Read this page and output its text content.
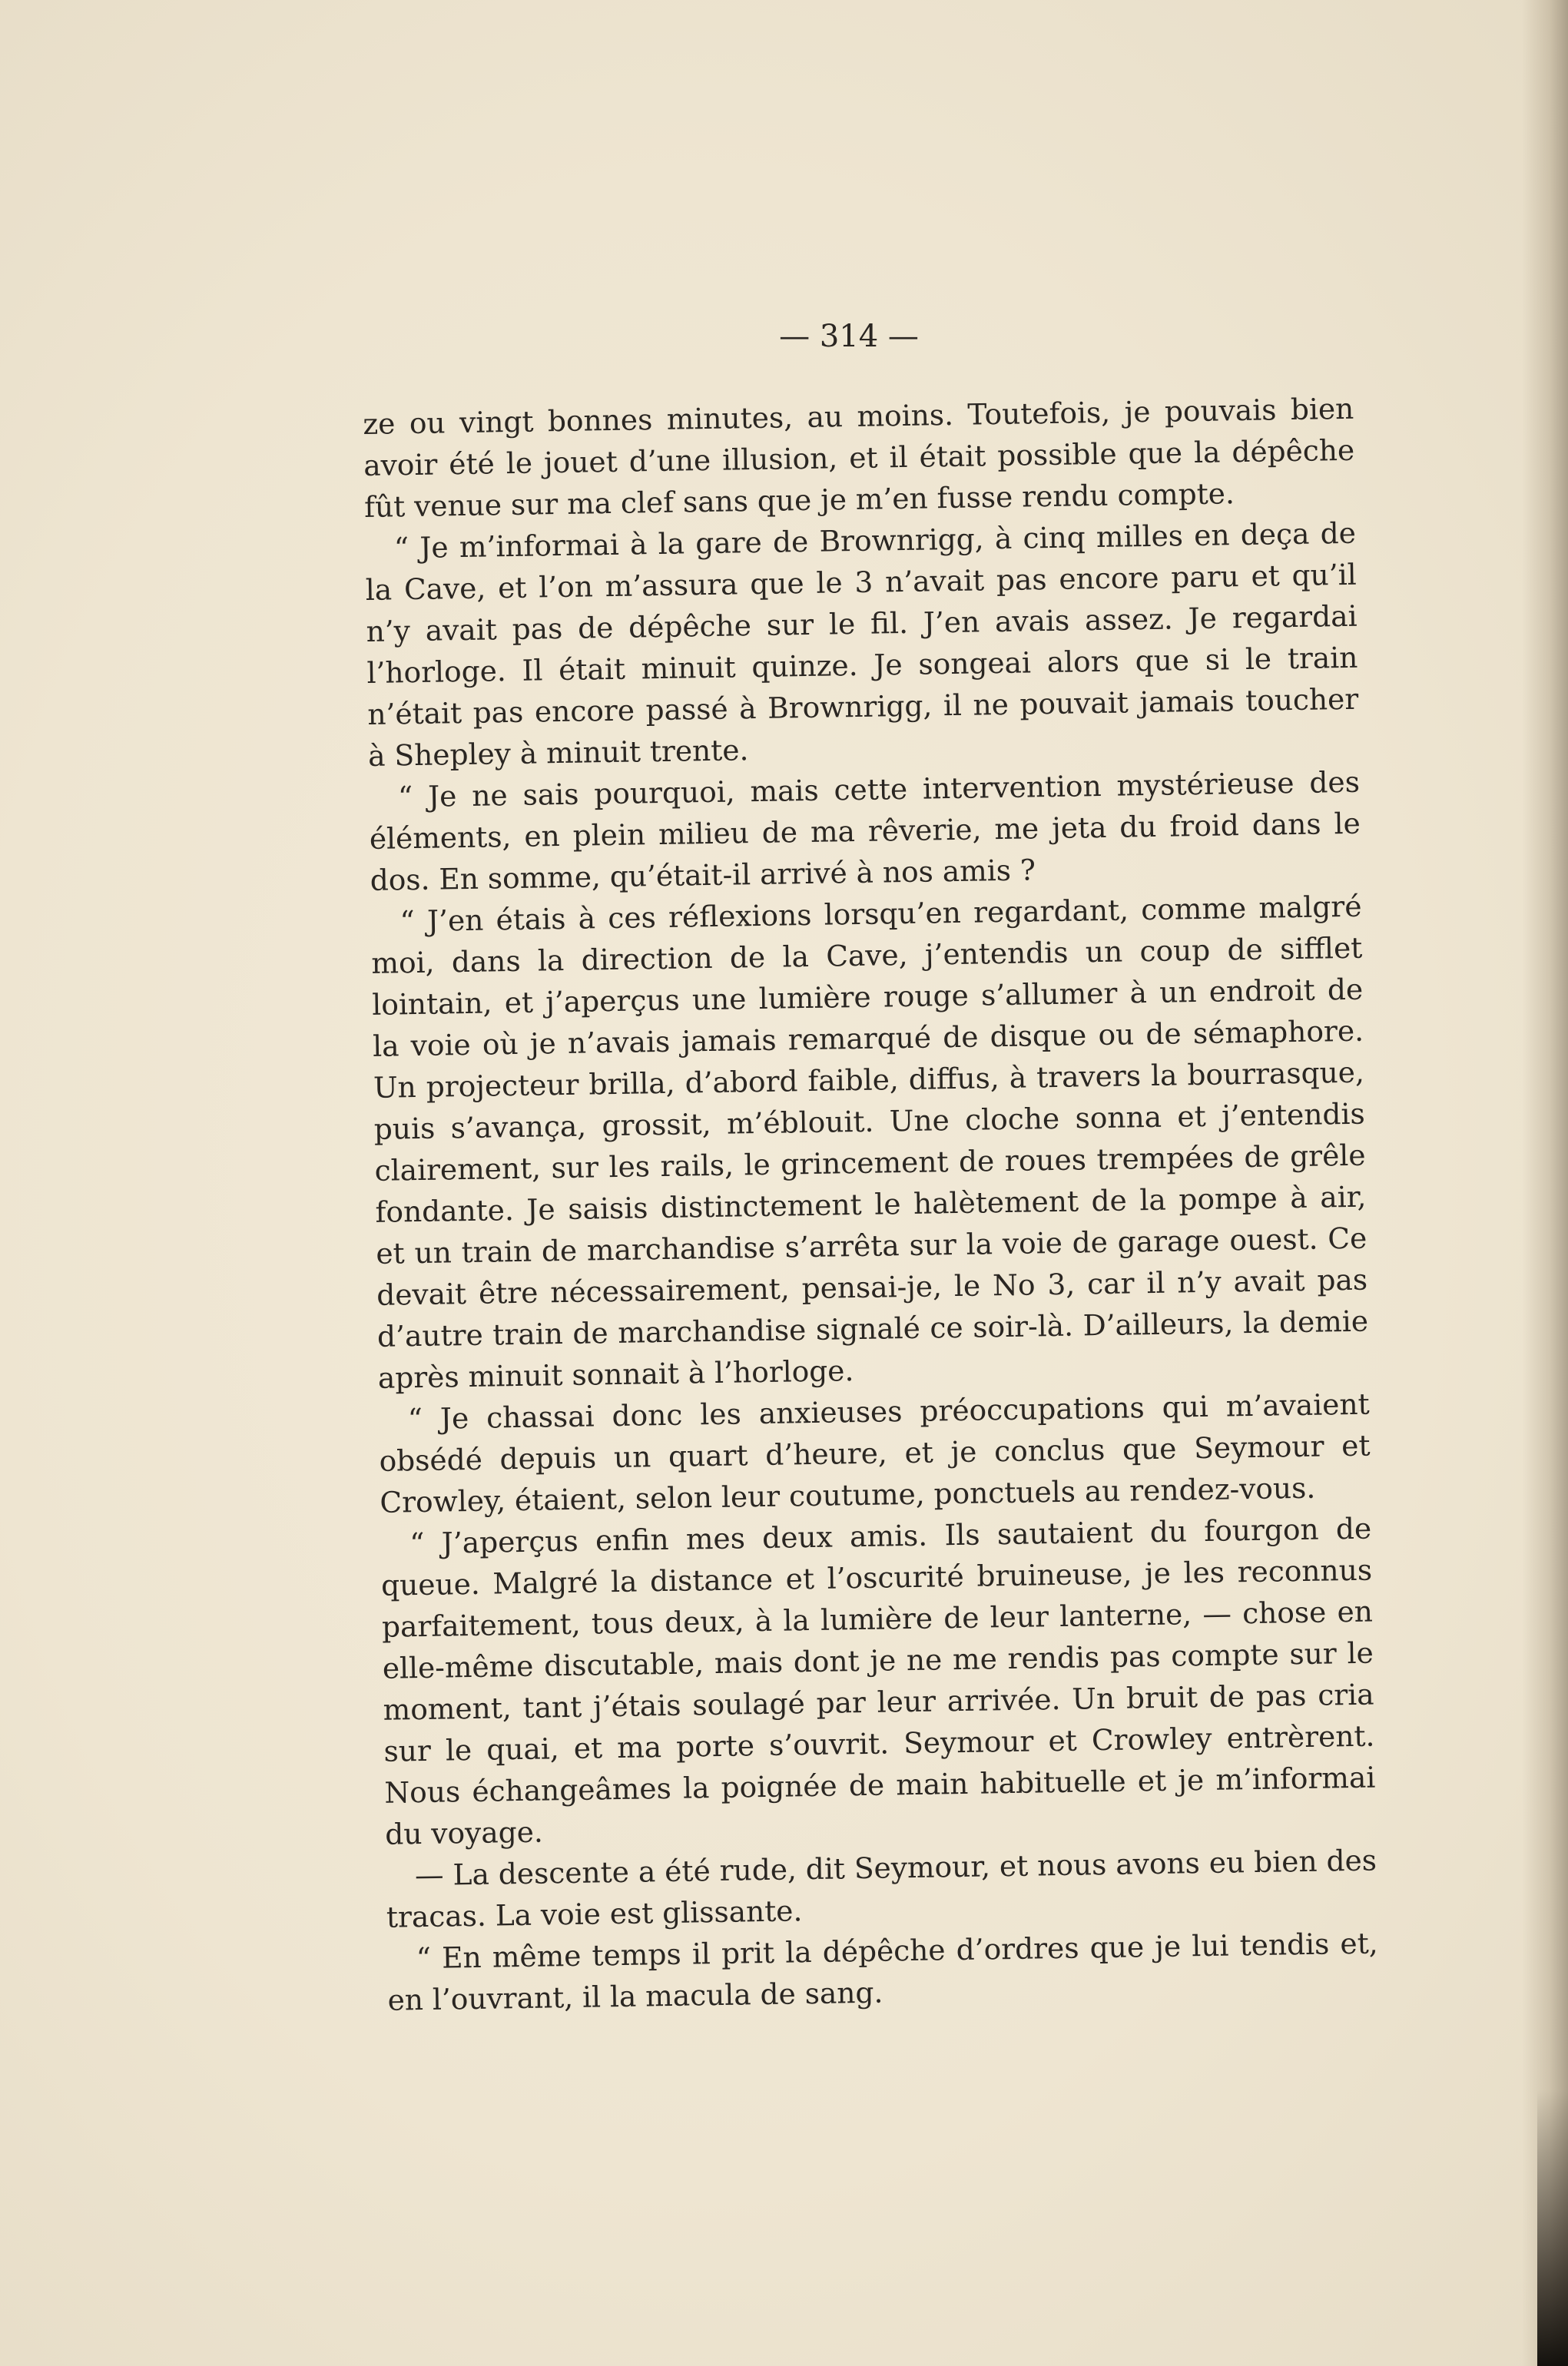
— 314 —

ze ou vingt bonnes minutes, au moins. Toutefois, je pouvais bien avoir été le jouet d’une illusion, et il était possible que la dépêche fût venue sur ma clef sans que je m’en fusse rendu compte.

“ Je m’informai à la gare de Brownrigg, à cinq milles en deça de la Cave, et l’on m’assura que le 3 n’avait pas encore paru et qu’il n’y avait pas de dépêche sur le fil. J’en avais assez. Je regardai l’horloge. Il était minuit quinze. Je songeai alors que si le train n’était pas encore passé à Brownrigg, il ne pouvait jamais toucher à Shepley à minuit trente.

“ Je ne sais pourquoi, mais cette intervention mystérieuse des éléments, en plein milieu de ma rêverie, me jeta du froid dans le dos. En somme, qu’était-il arrivé à nos amis ?

“ J’en étais à ces réflexions lorsqu’en regardant, comme malgré moi, dans la direction de la Cave, j’entendis un coup de sifflet lointain, et j’aperçus une lumière rouge s’allumer à un endroit de la voie où je n’avais jamais remarqué de disque ou de sémaphore. Un projecteur brilla, d’abord faible, diffus, à travers la bourrasque, puis s’avança, grossit, m’éblouit. Une cloche sonna et j’entendis clairement, sur les rails, le grincement de roues trempées de grêle fondante. Je saisis distinctement le halètement de la pompe à air, et un train de marchandise s’arrêta sur la voie de garage ouest. Ce devait être nécessairement, pensai-je, le No 3, car il n’y avait pas d’autre train de marchandise signalé ce soir-là. D’ailleurs, la demie après minuit sonnait à l’horloge.

“ Je chassai donc les anxieuses préoccupations qui m’avaient obsédé depuis un quart d’heure, et je conclus que Seymour et Crowley, étaient, selon leur coutume, ponctuels au rendez-vous.

“ J’aperçus enfin mes deux amis. Ils sautaient du fourgon de queue. Malgré la distance et l’oscurité bruineuse, je les reconnus parfaitement, tous deux, à la lumière de leur lanterne, — chose en elle-même discutable, mais dont je ne me rendis pas compte sur le moment, tant j’étais soulagé par leur arrivée. Un bruit de pas cria sur le quai, et ma porte s’ouvrit. Seymour et Crowley entrèrent. Nous échangeâmes la poignée de main habituelle et je m’informai du voyage.

— La descente a été rude, dit Seymour, et nous avons eu bien des tracas. La voie est glissante.

“ En même temps il prit la dépêche d’ordres que je lui tendis et, en l’ouvrant, il la macula de sang.
